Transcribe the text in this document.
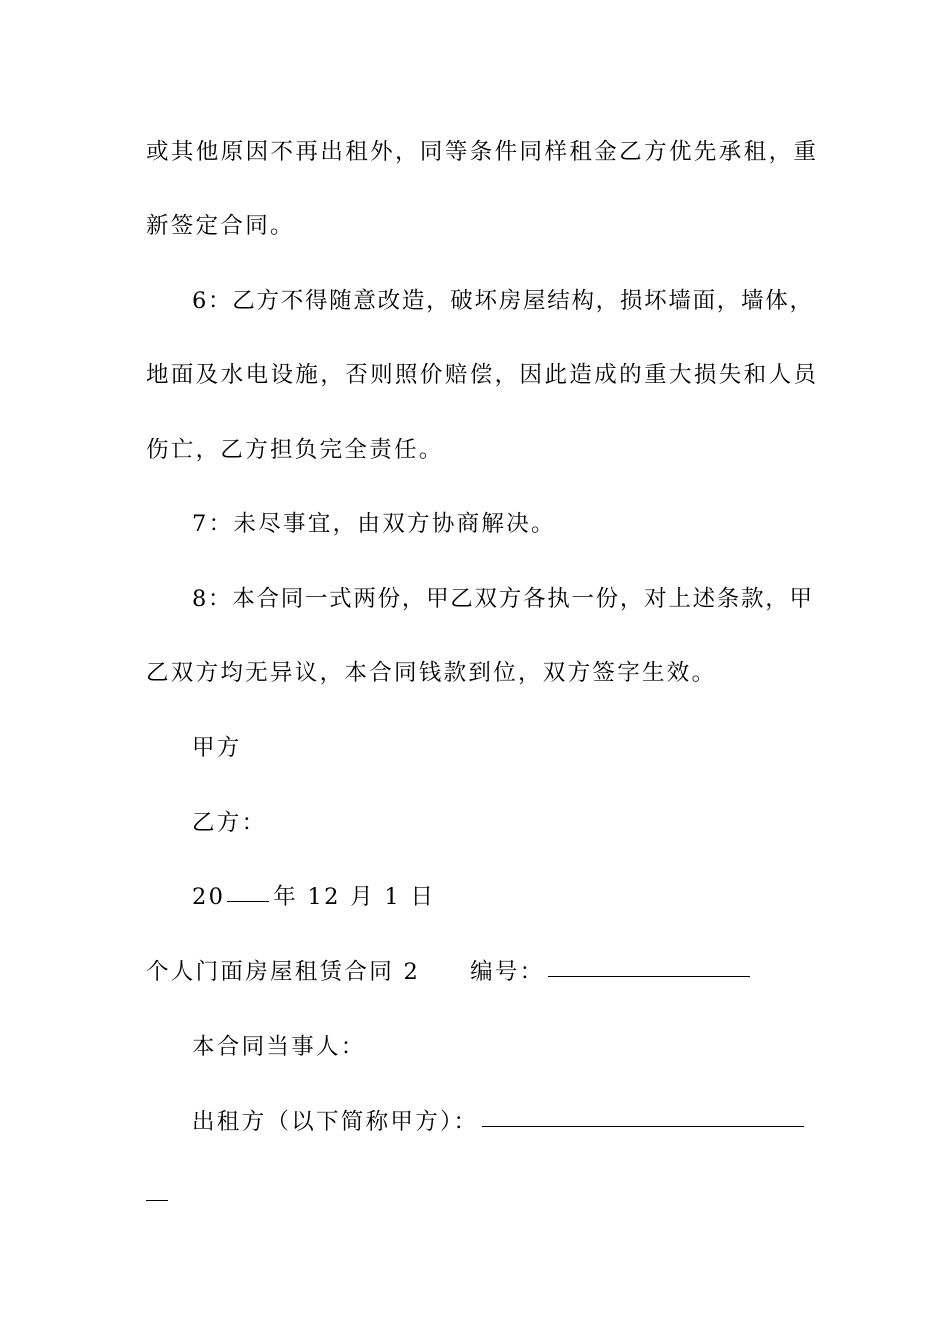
或其他原因不再出租外，同等条件同样租金乙方优先承租，重
新签定合同。
6：乙方不得随意改造，破坏房屋结构，损坏墙面，墙体，
地面及水电设施，否则照价赔偿，因此造成的重大损失和人员
伤亡，乙方担负完全责任。
7：未尽事宜，由双方协商解决。
8：本合同一式两份，甲乙双方各执一份，对上述条款，甲
乙双方均无异议，本合同钱款到位，双方签字生效。
甲方
乙方：
20 年 12 月 1 日
个人门面房屋租赁合同 2 编号：
本合同当事人：
出租方（以下简称甲方）：
